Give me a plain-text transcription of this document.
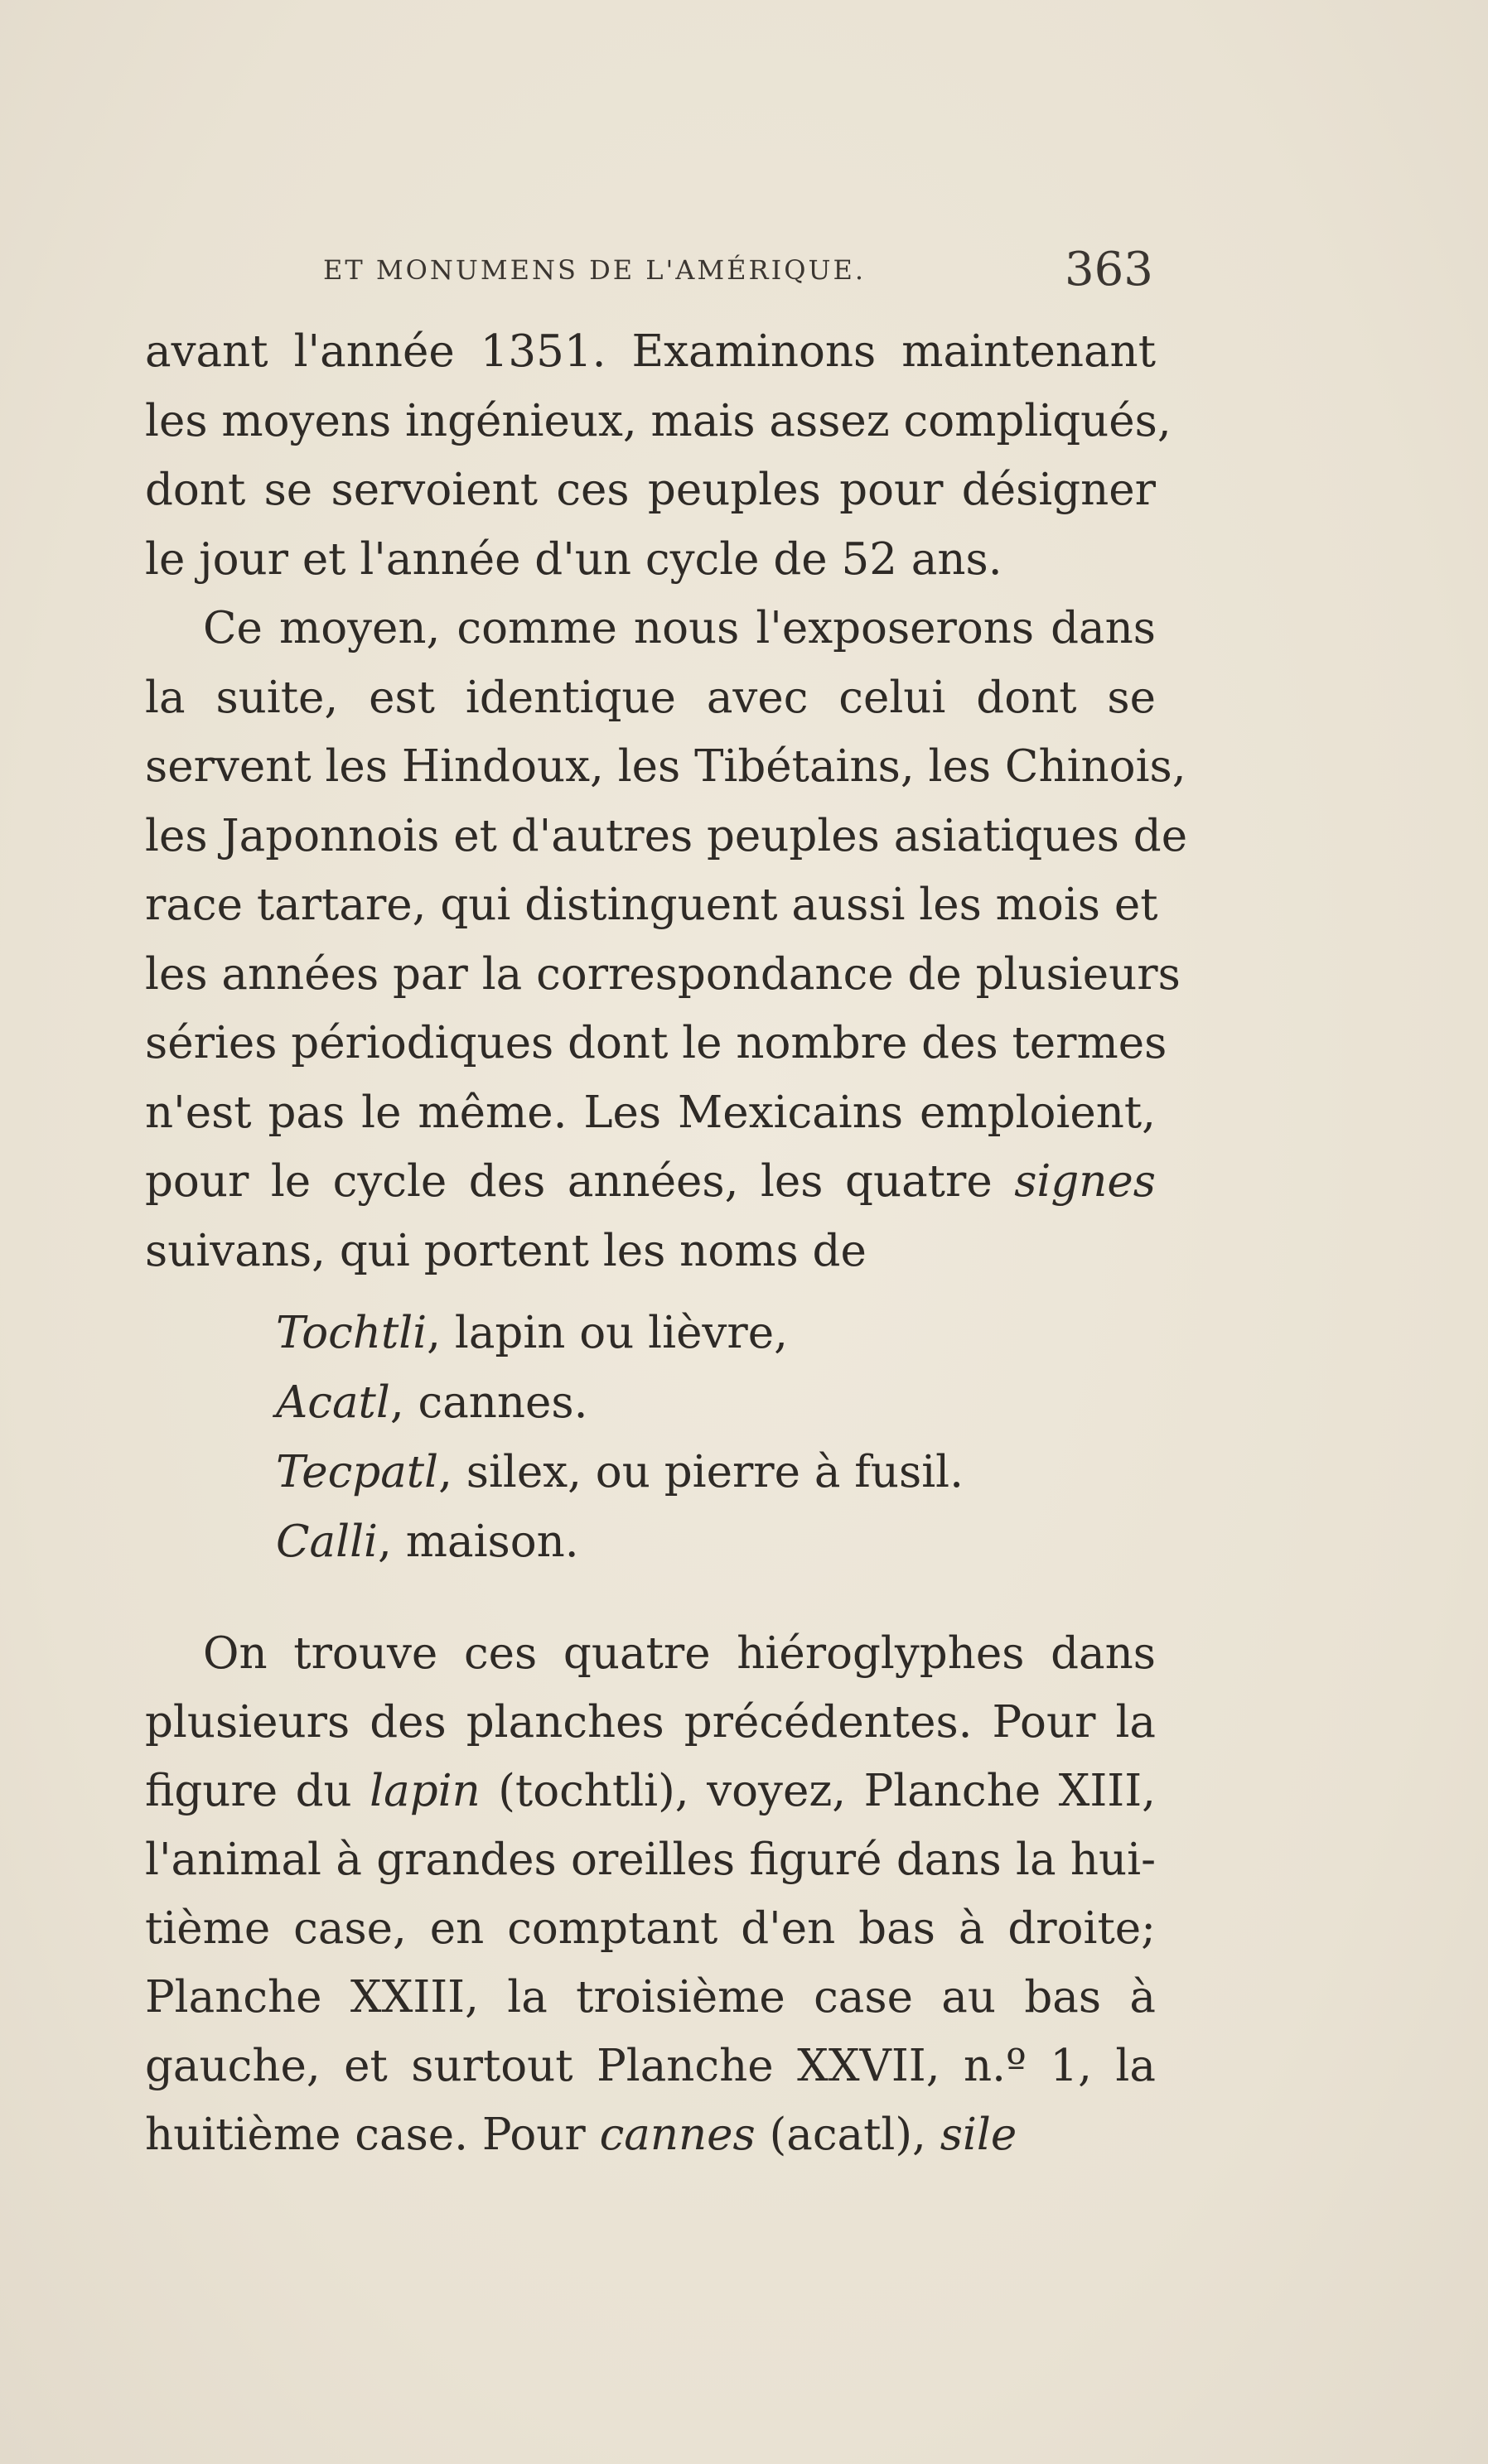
ET MONUMENS DE L'AMÉRIQUE.	363
avant l'année 1351. Examinons maintenant
les moyens ingénieux, mais assez compliqués,
dont se servoient ces peuples pour désigner
le jour et l'année d'un cycle de 52 ans.
Ce moyen, comme nous l'exposerons dans
la suite, est identique avec celui dont se
servent les Hindoux, les Tibétains, les Chinois,
les Japonnois et d'autres peuples asiatiques de
race tartare, qui distinguent aussi les mois et
les années par la correspondance de plusieurs
séries périodiques dont le nombre des termes
n'est pas le même. Les Mexicains emploient,
pour le cycle des années, les quatre signes
suivans, qui portent les noms de
Tochtli, lapin ou lièvre,
Acatl, cannes.
Tecpatl, silex, ou pierre à fusil.
Calli, maison.
On trouve ces quatre hiéroglyphes dans
plusieurs des planches précédentes. Pour la
figure du lapin (tochtli), voyez, Planche XIII,
l'animal à grandes oreilles figuré dans la hui-
tième case, en comptant d'en bas à droite;
Planche XXIII, la troisième case au bas à
gauche, et surtout Planche XXVII, n.º 1, la
huitième case. Pour cannes (acatl), sile
